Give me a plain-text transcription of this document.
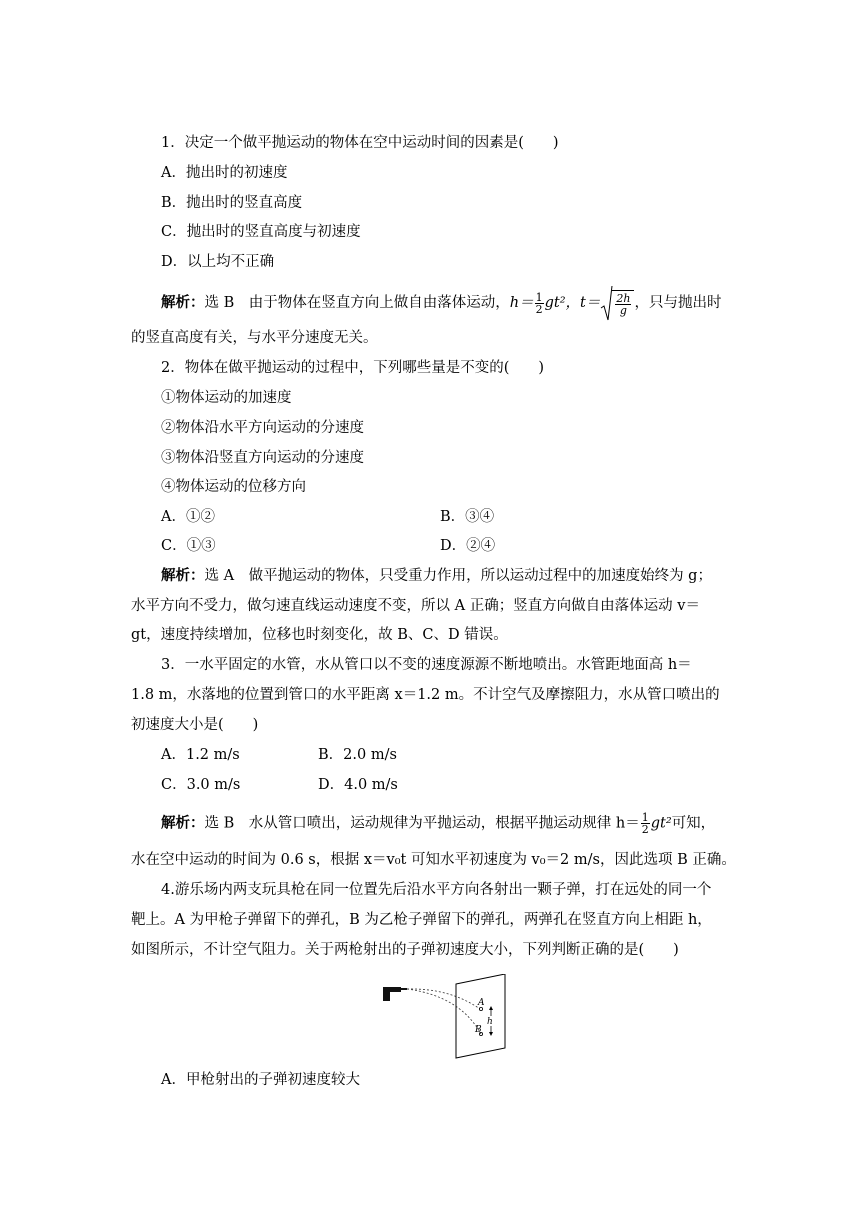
1．决定一个做平抛运动的物体在空中运动时间的因素是(　　)
A．抛出时的初速度
B．抛出时的竖直高度
C．抛出时的竖直高度与初速度
D．以上均不正确
解析：选 B　由于物体在竖直方向上做自由落体运动，$h= \frac{1}{2} gt^2$，$t= \frac{2h}{g}$ ，只与抛出时
的竖直高度有关，与水平分速度无关。
2．物体在做平抛运动的过程中，下列哪些量是不变的(　　)
①物体运动的加速度
②物体沿水平方向运动的分速度
③物体沿竖直方向运动的分速度
④物体运动的位移方向
A．①②	B．③④
C．①③	D．②④
解析：选 A　做平抛运动的物体，只受重力作用，所以运动过程中的加速度始终为 g；
水平方向不受力，做匀速直线运动速度不变，所以 A 正确；竖直方向做自由落体运动 v＝
gt，速度持续增加，位移也时刻变化，故 B、C、D 错误。
3．一水平固定的水管，水从管口以不变的速度源源不断地喷出。水管距地面高 h＝
1.8 m，水落地的位置到管口的水平距离 x＝1.2 m。不计空气及摩擦阻力，水从管口喷出的
初速度大小是(　　)
A．1.2 m/s	B．2.0 m/s
C．3.0 m/s	D．4.0 m/s
解析：选 B　水从管口喷出，运动规律为平抛运动，根据平抛运动规律 $h= \frac{1}{2} gt^2$可知，
水在空中运动的时间为 0.6 s，根据 x＝v₀t 可知水平初速度为 v₀＝2 m/s，因此选项 B 正确。
4.游乐场内两支玩具枪在同一位置先后沿水平方向各射出一颗子弹，打在远处的同一个
靶上。A 为甲枪子弹留下的弹孔，B 为乙枪子弹留下的弹孔，两弹孔在竖直方向上相距 h，
如图所示，不计空气阻力。关于两枪射出的子弹初速度大小，下列判断正确的是(　　)
A
h
B
A．甲枪射出的子弹初速度较大
